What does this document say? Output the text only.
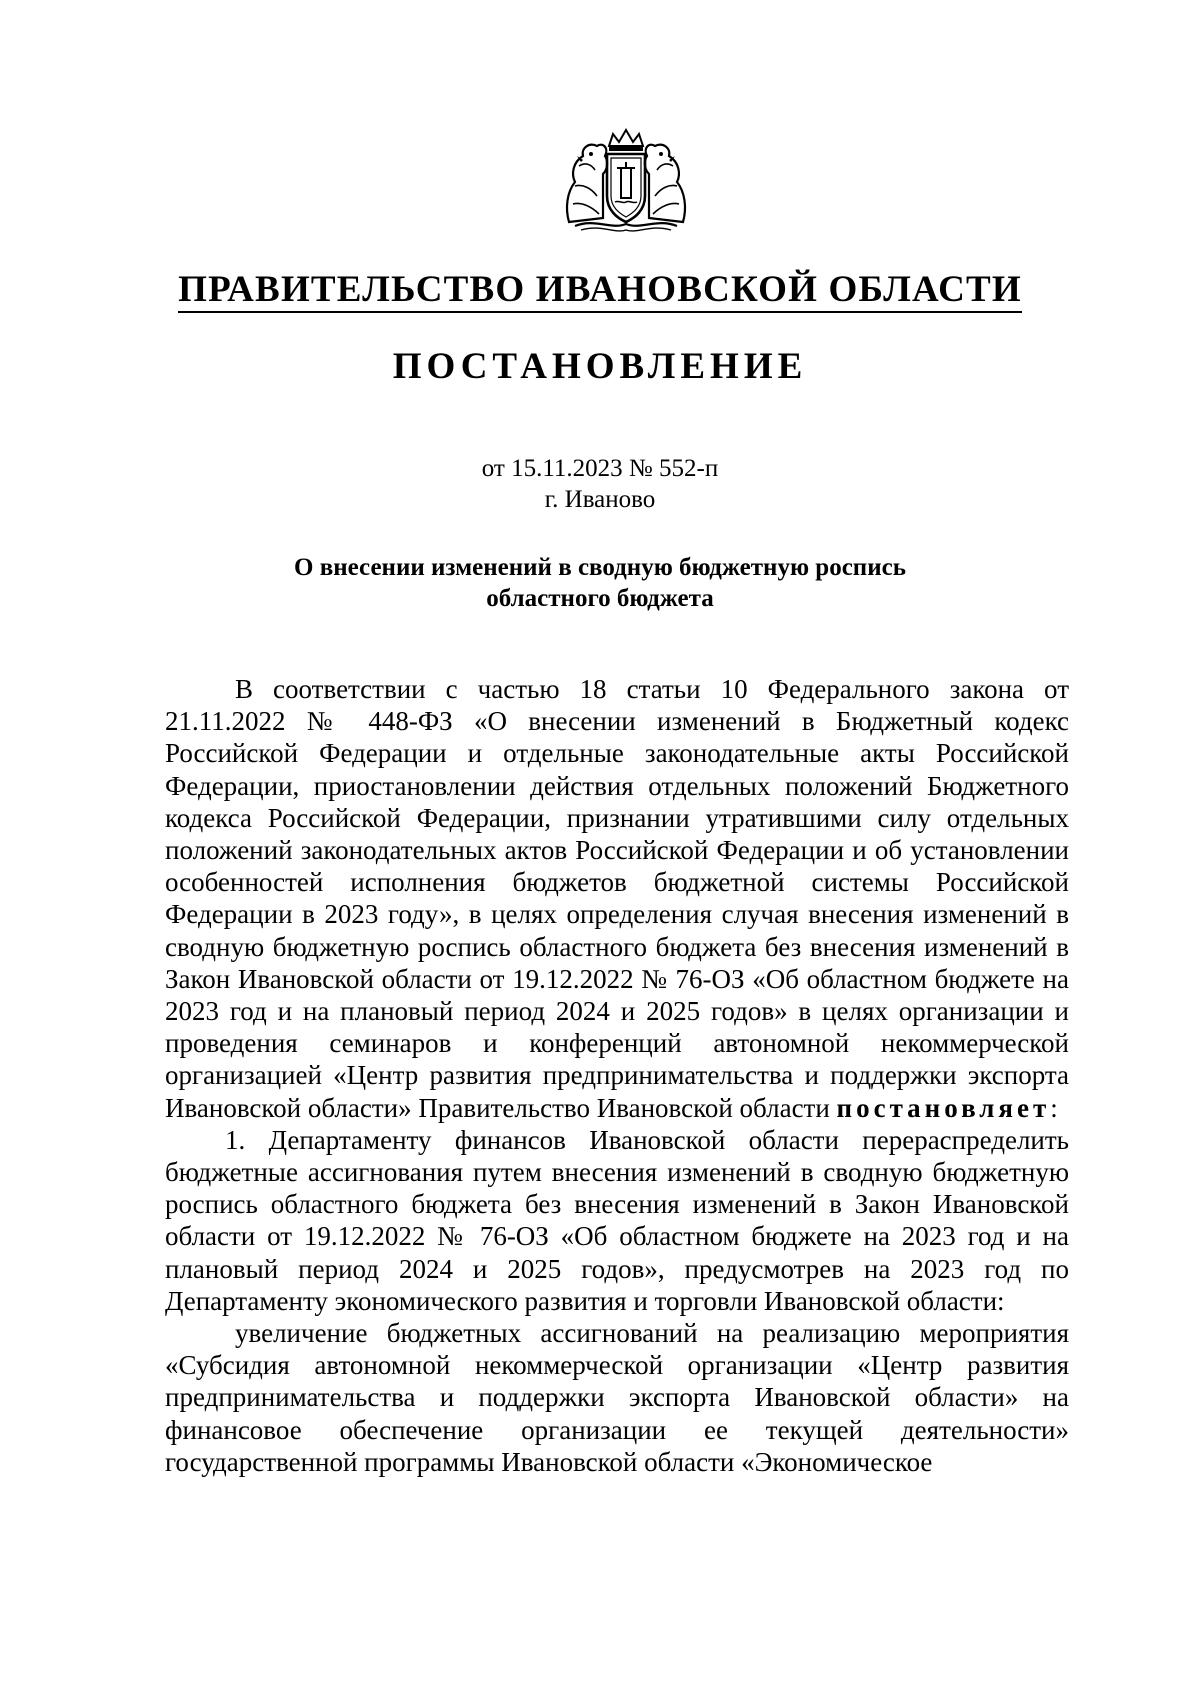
ПРАВИТЕЛЬСТВО ИВАНОВСКОЙ ОБЛАСТИ
ПОСТАНОВЛЕНИЕ
от 15.11.2023 № 552-п
г. Иваново
О внесении изменений в сводную бюджетную роспись
областного бюджета

В соответствии с частью 18 статьи 10 Федерального закона от 21.11.2022 № 448-ФЗ «О внесении изменений в Бюджетный кодекс Российской Федерации и отдельные законодательные акты Российской Федерации, приостановлении действия отдельных положений Бюджетного кодекса Российской Федерации, признании утратившими силу отдельных положений законодательных актов Российской Федерации и об установлении особенностей исполнения бюджетов бюджетной системы Российской Федерации в 2023 году», в целях определения случая внесения изменений в сводную бюджетную роспись областного бюджета без внесения изменений в Закон Ивановской области от 19.12.2022 № 76-ОЗ «Об областном бюджете на 2023 год и на плановый период 2024 и 2025 годов» в целях организации и проведения семинаров и конференций автономной некоммерческой организацией «Центр развития предпринимательства и поддержки экспорта Ивановской области» Правительство Ивановской области постановляет:

1. Департаменту финансов Ивановской области перераспределить бюджетные ассигнования путем внесения изменений в сводную бюджетную роспись областного бюджета без внесения изменений в Закон Ивановской области от 19.12.2022 № 76-ОЗ «Об областном бюджете на 2023 год и на плановый период 2024 и 2025 годов», предусмотрев на 2023 год по Департаменту экономического развития и торговли Ивановской области:

увеличение бюджетных ассигнований на реализацию мероприятия «Субсидия автономной некоммерческой организации «Центр развития предпринимательства и поддержки экспорта Ивановской области» на финансовое обеспечение организации ее текущей деятельности» государственной программы Ивановской области «Экономическое
